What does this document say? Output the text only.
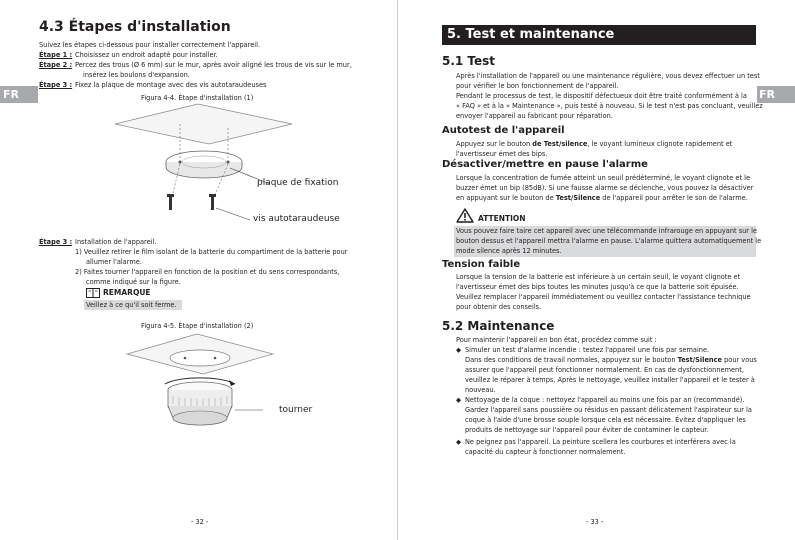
FR
4.3 Étapes d'installation
Suivez les étapes ci-dessous pour installer correctement l'appareil.
Étape 1 : Choisissez un endroit adapté pour installer.
Étape 2 : Percez des trous (Ø 6 mm) sur le mur, après avoir aligné les trous de vis sur le mur,
insérez les boulons d'expansion.
Étape 3 : Fixez la plaque de montage avec des vis autotaraudeuses
Figura 4-4. Étape d'installation (1)
plaque de fixation
vis autotaraudeuse
Étape 3 : Installation de l'appareil.
1) Veuillez retirer le film isolant de la batterie du compartiment de la batterie pour
allumer l'alarme.
2) Faites tourner l'appareil en fonction de la position et du sens correspondants,
comme indiqué sur la figure.
REMARQUE
Veillez à ce qu'il soit ferme.
Figura 4-5. Étape d'installation (2)
tourner
- 32 -
FR
5. Test et maintenance
5.1 Test
Après l'installation de l'appareil ou une maintenance régulière, vous devez effectuer un test
pour vérifier le bon fonctionnement de l'appareil.
Pendant le processus de test, le dispositif défectueux doit être traité conformément à la
« FAQ » et à la « Maintenance », puis testé à nouveau. Si le test n'est pas concluant, veuillez
envoyer l'appareil au fabricant pour réparation.
Autotest de l'appareil
Appuyez sur le bouton de Test/silence, le voyant lumineux clignote rapidement et
l'avertisseur émet des bips.
Désactiver/mettre en pause l'alarme
Lorsque la concentration de fumée atteint un seuil prédéterminé, le voyant clignote et le
buzzer émet un bip (85dB). Si une fausse alarme se déclenche, vous pouvez la désactiver
en appuyant sur le bouton de Test/Silence de l'appareil pour arrêter le son de l'alarme.
ATTENTION
Vous pouvez faire taire cet appareil avec une télécommande infrarouge en appuyant sur le
bouton dessus et l'appareil mettra l'alarme en pause. L'alarme quittera automatiquement le
mode silence après 12 minutes.
Tension faible
Lorsque la tension de la batterie est inférieure à un certain seuil, le voyant clignote et
l'avertisseur émet des bips toutes les minutes jusqu'à ce que la batterie soit épuisée.
Veuillez remplacer l'appareil immédiatement ou veuillez contacter l'assistance technique
pour obtenir des conseils.
5.2 Maintenance
Pour maintenir l'appareil en bon état, procédez comme suit :
◆ Simuler un test d'alarme incendie : testez l'appareil une fois par semaine.
Dans des conditions de travail normales, appuyez sur le bouton Test/Silence pour vous
assurer que l'appareil peut fonctionner normalement. En cas de dysfonctionnement,
veuillez le réparer à temps. Après le nettoyage, veuillez installer l'appareil et le tester à
nouveau.
◆ Nettoyage de la coque : nettoyez l'appareil au moins une fois par an (recommandé).
Gardez l'appareil sans poussière ou résidus en passant délicatement l'aspirateur sur la
coque à l'aide d'une brosse souple lorsque cela est nécessaire. Évitez d'appliquer les
produits de nettoyage sur l'appareil pour éviter de contaminer le capteur.
◆ Ne peignez pas l'appareil. La peinture scellera les courbures et interférera avec la
capacité du capteur à fonctionner normalement.
- 33 -
